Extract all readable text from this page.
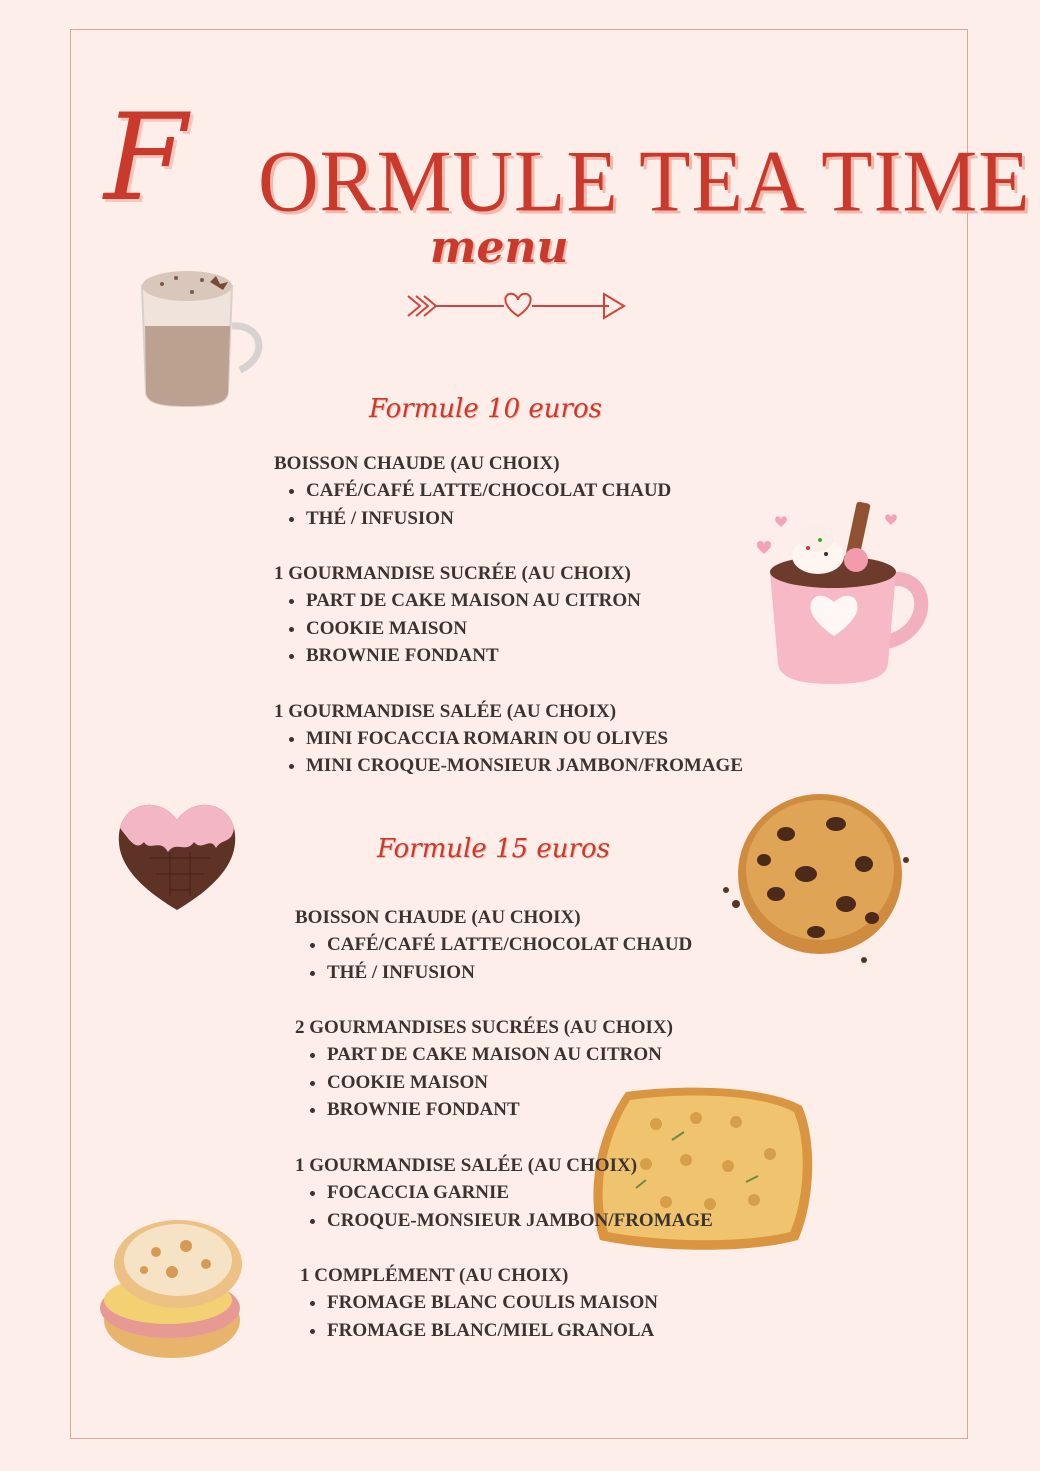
F ORMULE TEA TIME
menu
Formule 10 euros

BOISSON CHAUDE (AU CHOIX)

• CAFÉ/CAFÉ LATTE/CHOCOLAT CHAUD
• THÉ / INFUSION

1 GOURMANDISE SUCRÉE (AU CHOIX)

• PART DE CAKE MAISON AU CITRON
• COOKIE MAISON
• BROWNIE FONDANT

1 GOURMANDISE SALÉE (AU CHOIX)

• MINI FOCACCIA ROMARIN OU OLIVES
• MINI CROQUE-MONSIEUR JAMBON/FROMAGE
Formule 15 euros

BOISSON CHAUDE (AU CHOIX)

• CAFÉ/CAFÉ LATTE/CHOCOLAT CHAUD
• THÉ / INFUSION

2 GOURMANDISES SUCRÉES (AU CHOIX)

• PART DE CAKE MAISON AU CITRON
• COOKIE MAISON
• BROWNIE FONDANT

1 GOURMANDISE SALÉE (AU CHOIX)

• FOCACCIA GARNIE
• CROQUE-MONSIEUR JAMBON/FROMAGE

1 COMPLÉMENT (AU CHOIX)

• FROMAGE BLANC COULIS MAISON
• FROMAGE BLANC/MIEL GRANOLA
